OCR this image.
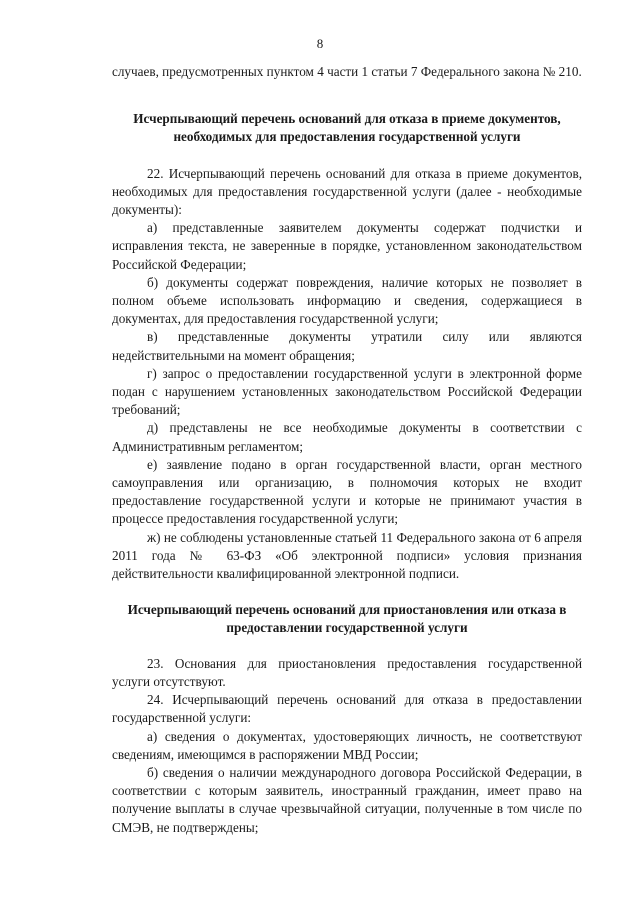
8

случаев, предусмотренных пунктом 4 части 1 статьи 7 Федерального закона № 210.

Исчерпывающий перечень оснований для отказа в приеме документов, необходимых для предоставления государственной услуги

22. Исчерпывающий перечень оснований для отказа в приеме документов, необходимых для предоставления государственной услуги (далее - необходимые документы):

а) представленные заявителем документы содержат подчистки и исправления текста, не заверенные в порядке, установленном законодательством Российской Федерации;

б) документы содержат повреждения, наличие которых не позволяет в полном объеме использовать информацию и сведения, содержащиеся в документах, для предоставления государственной услуги;

в) представленные документы утратили силу или являются недействительными на момент обращения;

г) запрос о предоставлении государственной услуги в электронной форме подан с нарушением установленных законодательством Российской Федерации требований;

д) представлены не все необходимые документы в соответствии с Административным регламентом;

е) заявление подано в орган государственной власти, орган местного самоуправления или организацию, в полномочия которых не входит предоставление государственной услуги и которые не принимают участия в процессе предоставления государственной услуги;

ж) не соблюдены установленные статьей 11 Федерального закона от 6 апреля 2011 года № 63-ФЗ «Об электронной подписи» условия признания действительности квалифицированной электронной подписи.

Исчерпывающий перечень оснований для приостановления или отказа в предоставлении государственной услуги

23. Основания для приостановления предоставления государственной услуги отсутствуют.

24. Исчерпывающий перечень оснований для отказа в предоставлении государственной услуги:

а) сведения о документах, удостоверяющих личность, не соответствуют сведениям, имеющимся в распоряжении МВД России;

б) сведения о наличии международного договора Российской Федерации, в соответствии с которым заявитель, иностранный гражданин, имеет право на получение выплаты в случае чрезвычайной ситуации, полученные в том числе по СМЭВ, не подтверждены;
